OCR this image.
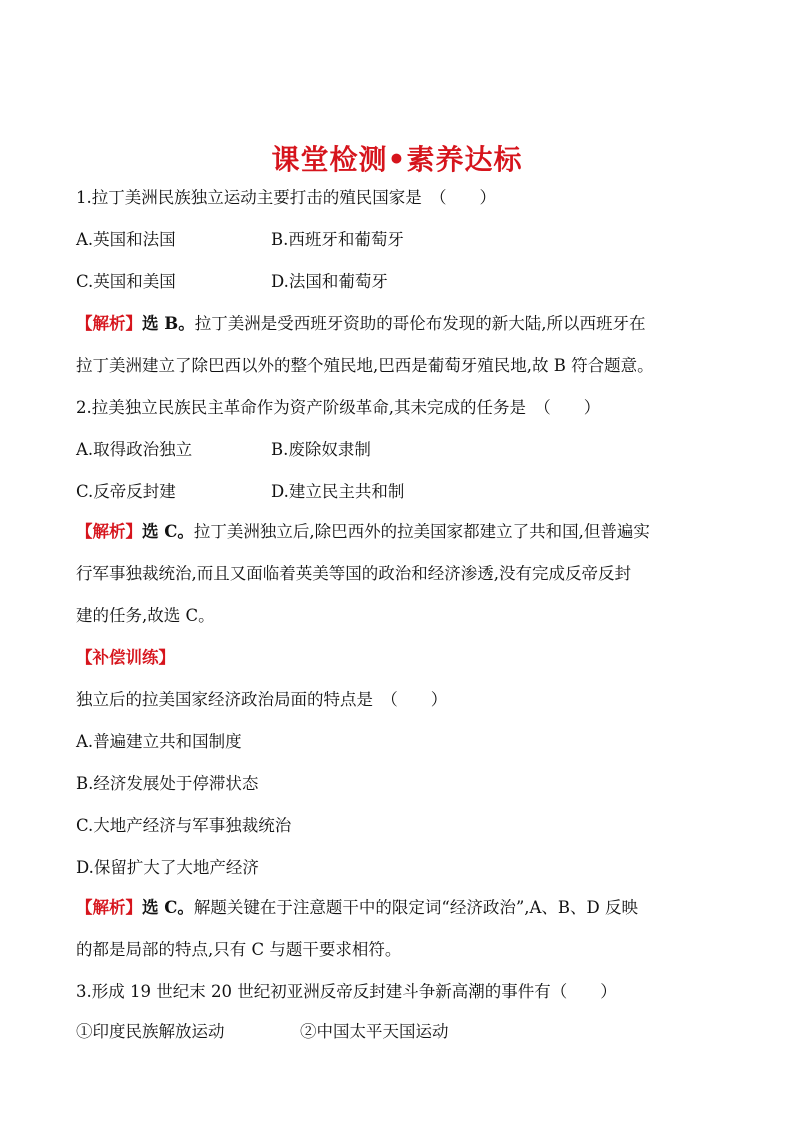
课堂检测•素养达标
1.拉丁美洲民族独立运动主要打击的殖民国家是　（　　）
A.英国和法国	B.西班牙和葡萄牙
C.英国和美国	D.法国和葡萄牙
【解析】选 B。拉丁美洲是受西班牙资助的哥伦布发现的新大陆,所以西班牙在
拉丁美洲建立了除巴西以外的整个殖民地,巴西是葡萄牙殖民地,故 B 符合题意。
2.拉美独立民族民主革命作为资产阶级革命,其未完成的任务是　（　　）
A.取得政治独立	B.废除奴隶制
C.反帝反封建	D.建立民主共和制
【解析】选 C。拉丁美洲独立后,除巴西外的拉美国家都建立了共和国,但普遍实
行军事独裁统治,而且又面临着英美等国的政治和经济渗透,没有完成反帝反封
建的任务,故选 C。
【补偿训练】
独立后的拉美国家经济政治局面的特点是　（　　）
A.普遍建立共和国制度
B.经济发展处于停滞状态
C.大地产经济与军事独裁统治
D.保留扩大了大地产经济
【解析】选 C。解题关键在于注意题干中的限定词“经济政治”,A、B、D 反映
的都是局部的特点,只有 C 与题干要求相符。
3.形成 19 世纪末 20 世纪初亚洲反帝反封建斗争新高潮的事件有（　　）
①印度民族解放运动	②中国太平天国运动
